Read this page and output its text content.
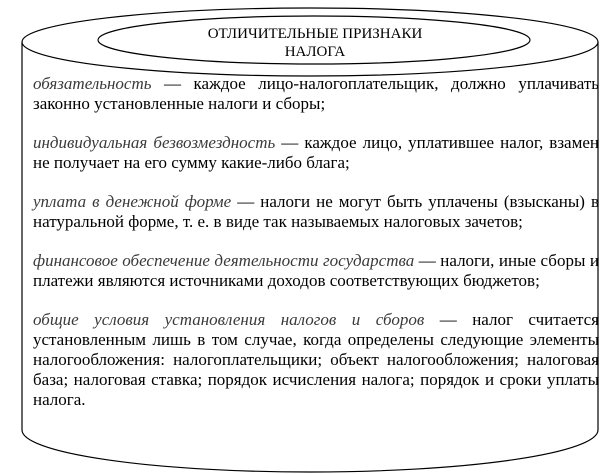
ОТЛИЧИТЕЛЬНЫЕ ПРИЗНАКИ
НАЛОГА

обязательность — каждое лицо-налогоплательщик, должно уплачивать законно установленные налоги и сборы;

индивидуальная безвозмездность — каждое лицо, уплатившее налог, взамен не получает на его сумму какие-либо блага;

уплата в денежной форме — налоги не могут быть уплачены (взысканы) в натуральной форме, т. е. в виде так называемых налоговых зачетов;

финансовое обеспечение деятельности государства — налоги, иные сборы и платежи являются источниками доходов соответствующих бюджетов;

общие условия установления налогов и сборов — налог считается установленным лишь в том случае, когда определены следующие элементы налогообложения: налогоплательщики; объект налогообложения; налоговая база; налоговая ставка; порядок исчисления налога; порядок и сроки уплаты налога.
